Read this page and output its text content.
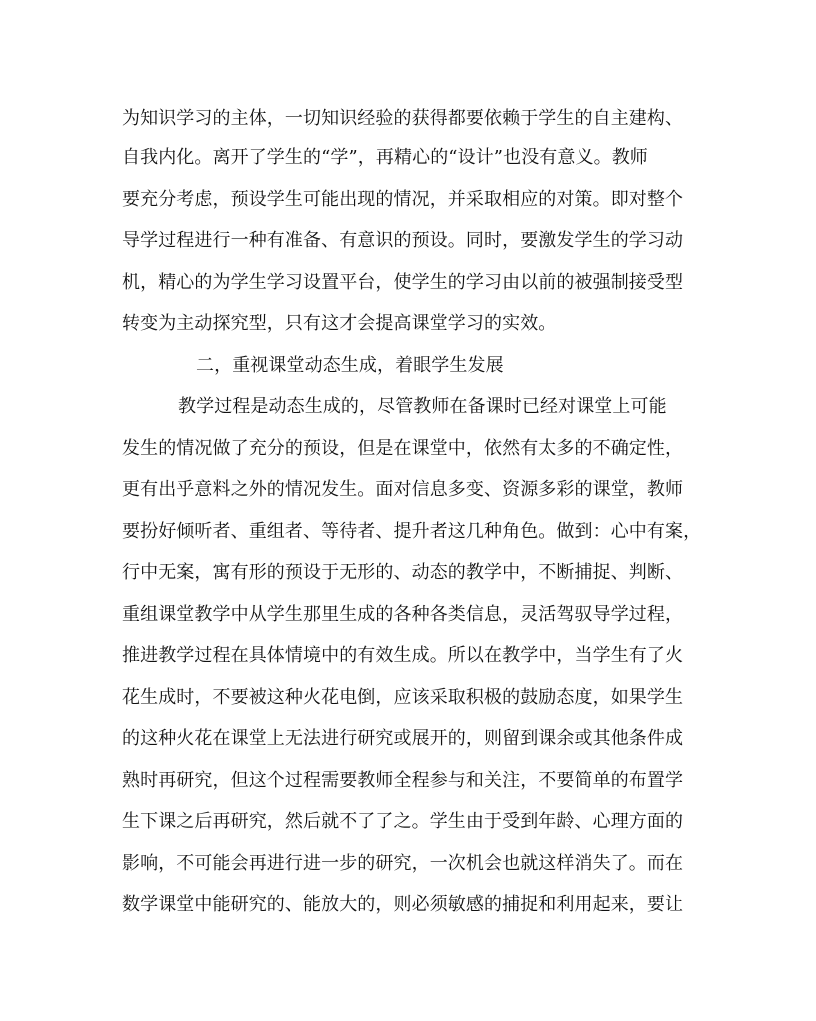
为知识学习的主体，一切知识经验的获得都要依赖于学生的自主建构、
自我内化。离开了学生的“学”，再精心的“设计”也没有意义。教师
要充分考虑，预设学生可能出现的情况，并采取相应的对策。即对整个
导学过程进行一种有准备、有意识的预设。同时，要激发学生的学习动
机，精心的为学生学习设置平台，使学生的学习由以前的被强制接受型
转变为主动探究型，只有这才会提高课堂学习的实效。
二，重视课堂动态生成，着眼学生发展
教学过程是动态生成的，尽管教师在备课时已经对课堂上可能
发生的情况做了充分的预设，但是在课堂中，依然有太多的不确定性，
更有出乎意料之外的情况发生。面对信息多变、资源多彩的课堂，教师
要扮好倾听者、重组者、等待者、提升者这几种角色。做到：心中有案，
行中无案，寓有形的预设于无形的、动态的教学中，不断捕捉、判断、
重组课堂教学中从学生那里生成的各种各类信息，灵活驾驭导学过程，
推进教学过程在具体情境中的有效生成。所以在教学中，当学生有了火
花生成时，不要被这种火花电倒，应该采取积极的鼓励态度，如果学生
的这种火花在课堂上无法进行研究或展开的，则留到课余或其他条件成
熟时再研究，但这个过程需要教师全程参与和关注，不要简单的布置学
生下课之后再研究，然后就不了了之。学生由于受到年龄、心理方面的
影响，不可能会再进行进一步的研究，一次机会也就这样消失了。而在
数学课堂中能研究的、能放大的，则必须敏感的捕捉和利用起来，要让
